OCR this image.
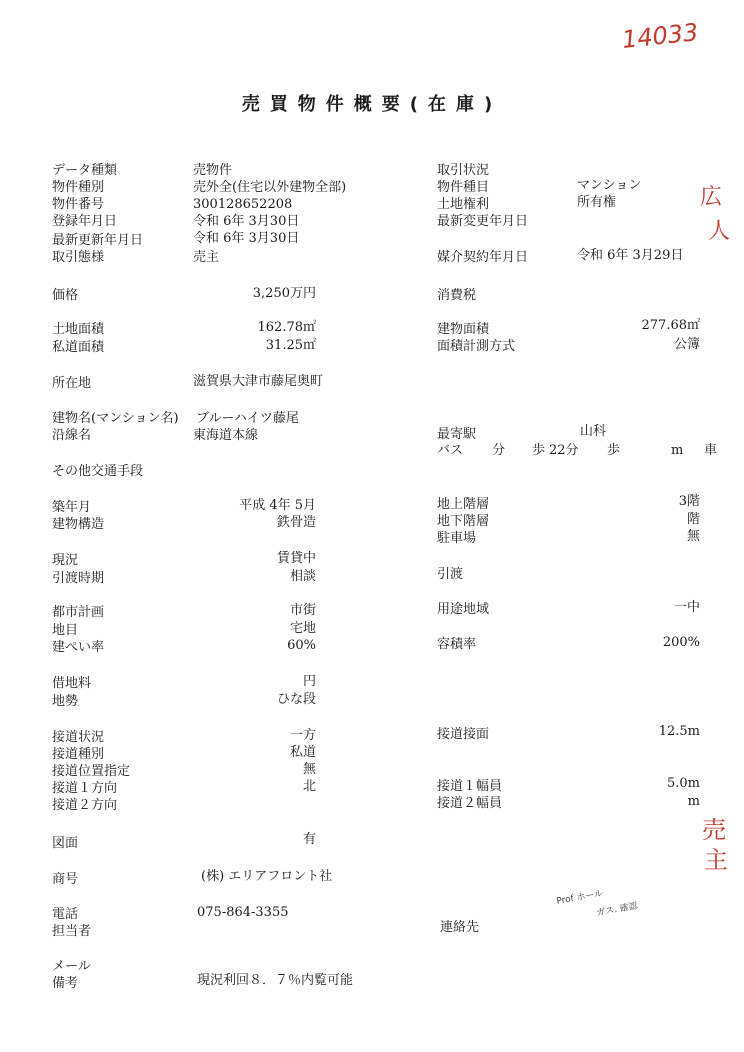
14033
広
人
売
主
Prof ホール
ガス. 確認
売買物件概要(在庫)
データ種類	売物件
物件種別	売外全(住宅以外建物全部)
物件番号	300128652208
登録年月日	令和 6年 3月30日
最新更新年月日	令和 6年 3月30日
取引態様	売主
価格	3,250万円
土地面積	162.78㎡
私道面積	31.25㎡
所在地	滋賀県大津市藤尾奥町
建物名(マンション名) ブルーハイツ藤尾
沿線名	東海道本線
その他交通手段
築年月	平成 4年 5月
建物構造	鉄骨造
現況	賃貸中
引渡時期	相談
都市計画	市街
地目	宅地
建ぺい率	60%
借地料	円
地勢	ひな段
接道状況	一方
接道種別	私道
接道位置指定	無
接道１方向	北
接道２方向
図面	有
商号	(株) エリアフロント社
電話	075-864-3355
担当者
メール
備考	現況利回８．７％内覧可能
取引状況
物件種目	マンション
土地権利	所有権
最新変更年月日
媒介契約年月日	令和 6年 3月29日
消費税
建物面積	277.68㎡
面積計測方式	公簿
最寄駅	山科
バス 分 歩 22分 歩	m 車
地上階層	3階
地下階層	階
駐車場	無
引渡
用途地域	一中
容積率	200%
接道接面	12.5m
接道１幅員	5.0m
接道２幅員	m
連絡先
